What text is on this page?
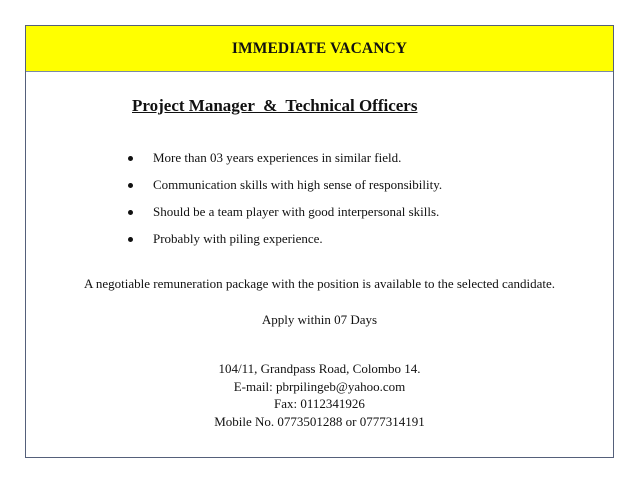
IMMEDIATE VACANCY
Project Manager  &  Technical Officers
More than 03 years experiences in similar field.
Communication skills with high sense of responsibility.
Should be a team player with good interpersonal skills.
Probably with piling experience.
A negotiable remuneration package with the position is available to the selected candidate.
Apply within 07 Days
104/11, Grandpass Road, Colombo 14.
E-mail: pbrpilingeb@yahoo.com
Fax: 0112341926
Mobile No. 0773501288 or 0777314191
